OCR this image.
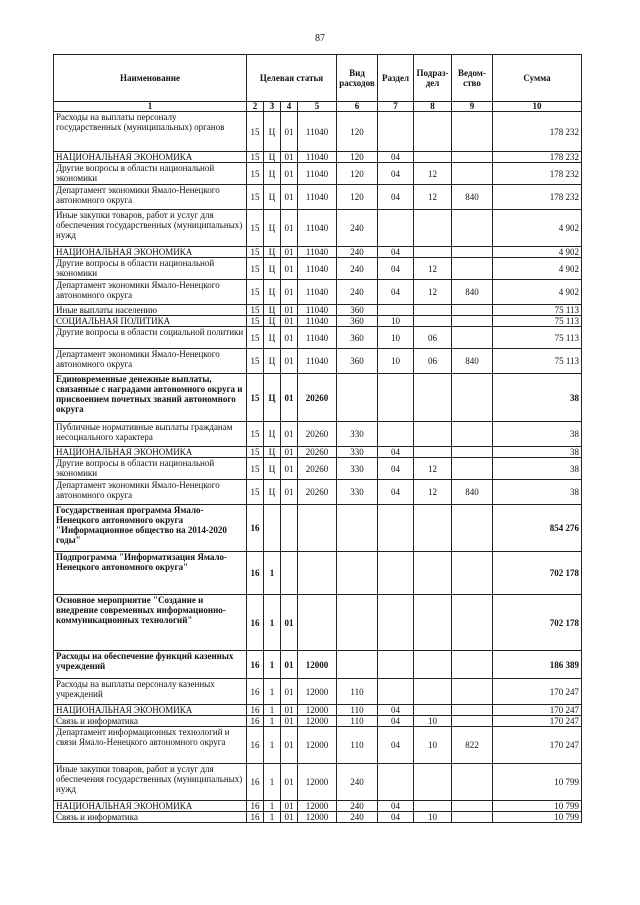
87
Наименование	Целевая статья				Вид расходов	Раздел	Подраз-дел	Ведом-ство	Сумма
1	2	3	4	5	6	7	8	9	10
Расходы на выплаты персоналу государственных (муниципальных) органов	15	Ц	01	11040	120				178 232
НАЦИОНАЛЬНАЯ ЭКОНОМИКА	15	Ц	01	11040	120	04			178 232
Другие вопросы в области национальной экономики	15	Ц	01	11040	120	04	12		178 232
Департамент экономики Ямало-Ненецкого автономного округа	15	Ц	01	11040	120	04	12	840	178 232
Иные закупки товаров, работ и услуг для обеспечения государственных (муниципальных) нужд	15	Ц	01	11040	240				4 902
НАЦИОНАЛЬНАЯ ЭКОНОМИКА	15	Ц	01	11040	240	04			4 902
Другие вопросы в области национальной экономики	15	Ц	01	11040	240	04	12		4 902
Департамент экономики Ямало-Ненецкого автономного округа	15	Ц	01	11040	240	04	12	840	4 902
Иные выплаты населению	15	Ц	01	11040	360				75 113
СОЦИАЛЬНАЯ ПОЛИТИКА	15	Ц	01	11040	360	10			75 113
Другие вопросы в области социальной политики	15	Ц	01	11040	360	10	06		75 113
Департамент экономики Ямало-Ненецкого автономного округа	15	Ц	01	11040	360	10	06	840	75 113
Единовременные денежные выплаты, связанные с наградами автономного округа и присвоением почетных званий автономного округа	15	Ц	01	20260					38
Публичные нормативные выплаты гражданам несоциального характера	15	Ц	01	20260	330				38
НАЦИОНАЛЬНАЯ ЭКОНОМИКА	15	Ц	01	20260	330	04			38
Другие вопросы в области национальной экономики	15	Ц	01	20260	330	04	12		38
Департамент экономики Ямало-Ненецкого автономного округа	15	Ц	01	20260	330	04	12	840	38
Государственная программа Ямало-Ненецкого автономного округа "Информационное общество на 2014-2020 годы"	16								854 276
Подпрограмма "Информатизация Ямало-Ненецкого автономного округа"	16	1							702 178
Основное мероприятие "Создание и внедрение современных информационно-коммуникационных технологий"	16	1	01						702 178
Расходы на обеспечение функций казенных учреждений	16	1	01	12000					186 389
Расходы на выплаты персоналу казенных учреждений	16	1	01	12000	110				170 247
НАЦИОНАЛЬНАЯ ЭКОНОМИКА	16	1	01	12000	110	04			170 247
Связь и информатика	16	1	01	12000	110	04	10		170 247
Департамент информационных технологий и связи Ямало-Ненецкого автономного округа	16	1	01	12000	110	04	10	822	170 247
Иные закупки товаров, работ и услуг для обеспечения государственных (муниципальных) нужд	16	1	01	12000	240				10 799
НАЦИОНАЛЬНАЯ ЭКОНОМИКА	16	1	01	12000	240	04			10 799
Связь и информатика	16	1	01	12000	240	04	10		10 799
